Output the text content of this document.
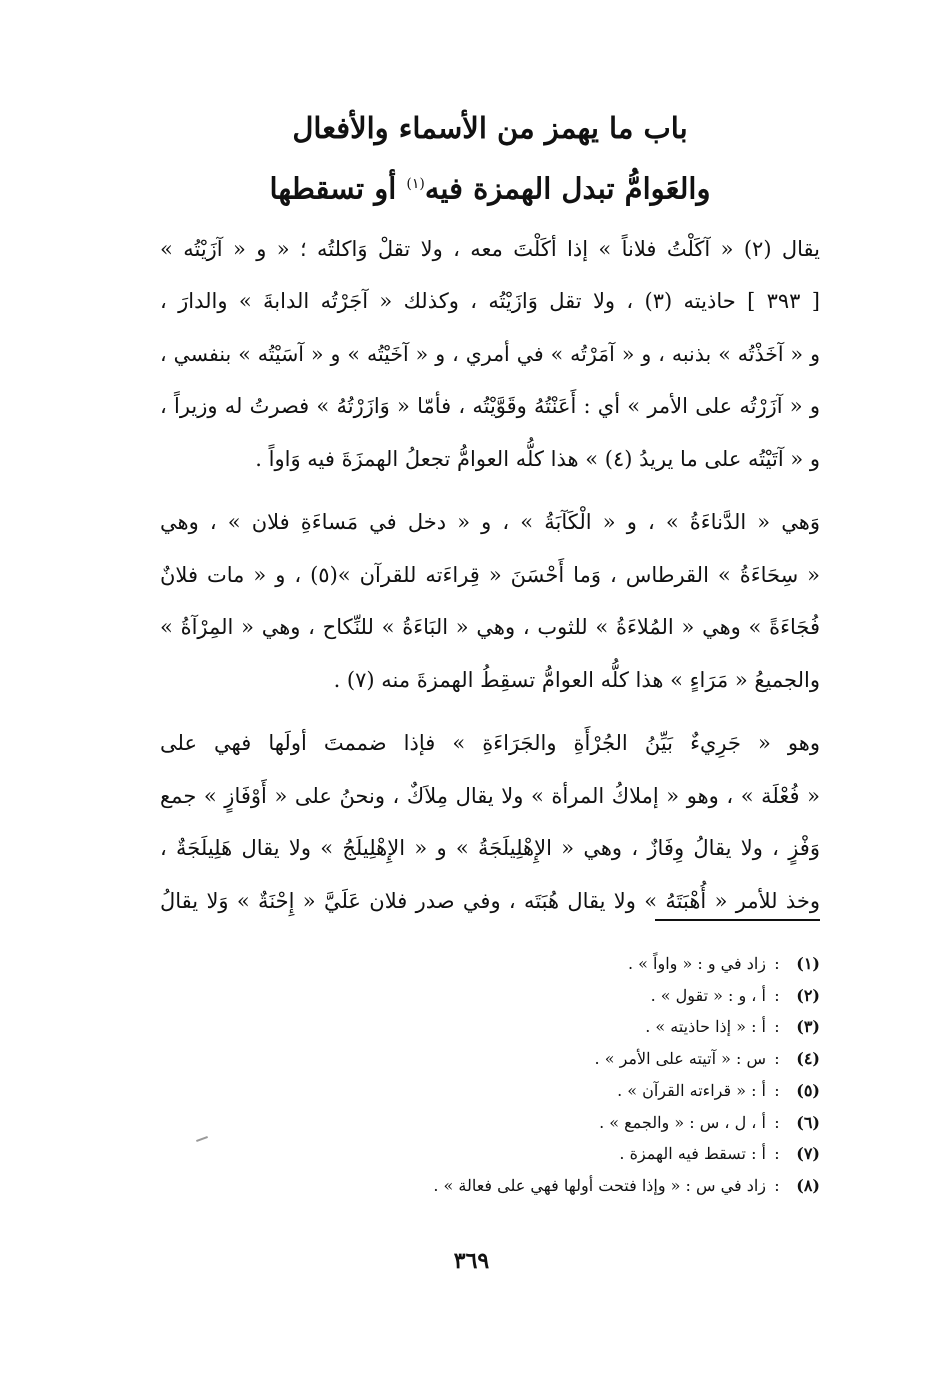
باب ما يهمز من الأسماء والأفعال
والعَوامُّ تبدل الهمزة فيه$^{(١)}$ أو تسقطها

يقال (٢) « آكَلْتُ فلاناً » إذا أكَلْتَ معه ، ولا تقلْ وَاكلتُه ؛ « و « آزَيْتُه »
[ ٣٩٣ ] حاذيته (٣) ، ولا تقل وَازَيْتُه ، وكذلك « آجَرْتُه الدابةَ » والدارَ ،
و « آخَذْتُه » بذنبه ، و « آمَرْتُه » في أمري ، و « آخَيْتُه » و « آسَيْتُه » بنفسي ،
و « آزَرْتُه على الأمر » أي : أَعَنْتُهُ وقَوَّيْتُه ، فأمّا « وَازَرْتُهُ » فصرتُ له وزيراً ،
و « آتَيْتُه على ما يريدُ (٤) » هذا كلُّه العوامُّ تجعلُ الهمزَةَ فيه وَاواً .

وَهي « الدَّناءَةُ » ، و « الْكَآبَةُ » ، و « دخل في مَساءَةِ فلان » ، وهي
« سِحَاءَةُ » القرطاس ، وَما أَحْسَنَ « قِراءَته للقرآن »(٥) ، و « مات فلانٌ
فُجَاءَةً » وهي « المُلاءَةُ » للثوب ، وهي « البَاءَةُ » للنِّكاح ، وهي « المِرْآةُ »
والجميعُ « مَرَاءٍ » هذا كلُّه العوامُّ تسقِطُ الهمزةَ منه (٧) .

وهو « جَرِيءٌ بَيِّنُ الجُرْأَةِ والجَرَاءَةِ » فإذا ضممتَ أولَها فهي على
« فُعْلَة » ، وهو « إملاكُ المرأة » ولا يقال مِلاَكٌ ، ونحنُ على « أَوْفَازٍ » جمع
وَفْزٍ ، ولا يقالُ وِفَازٌ ، وهي « الإِهْلِيلَجَةُ » و « الإِهْلِيلَجُ » ولا يقال هَلِيلَجَةٌ ،
وخذ للأمر « أُهْبَتَهُ » ولا يقال هُبَتَه ، وفي صدر فلان عَلَيَّ « إِحْنَةٌ » وَلا يقالُ

(١)
:
زاد في و : « واواً » .
(٢)
:
أ ، و : « تقول » .
(٣)
:
أ : « إذا حاذيته » .
(٤)
:
س : « آتيته على الأمر » .
(٥)
:
أ : « قراءته القرآن » .
(٦)
:
أ ، ل ، س : « والجمع » .
(٧)
:
أ : تسقط فيه الهمزة .
(٨)
:
زاد في س : « وإذا فتحت أولها فهي على فعالة » .
٣٦٩
